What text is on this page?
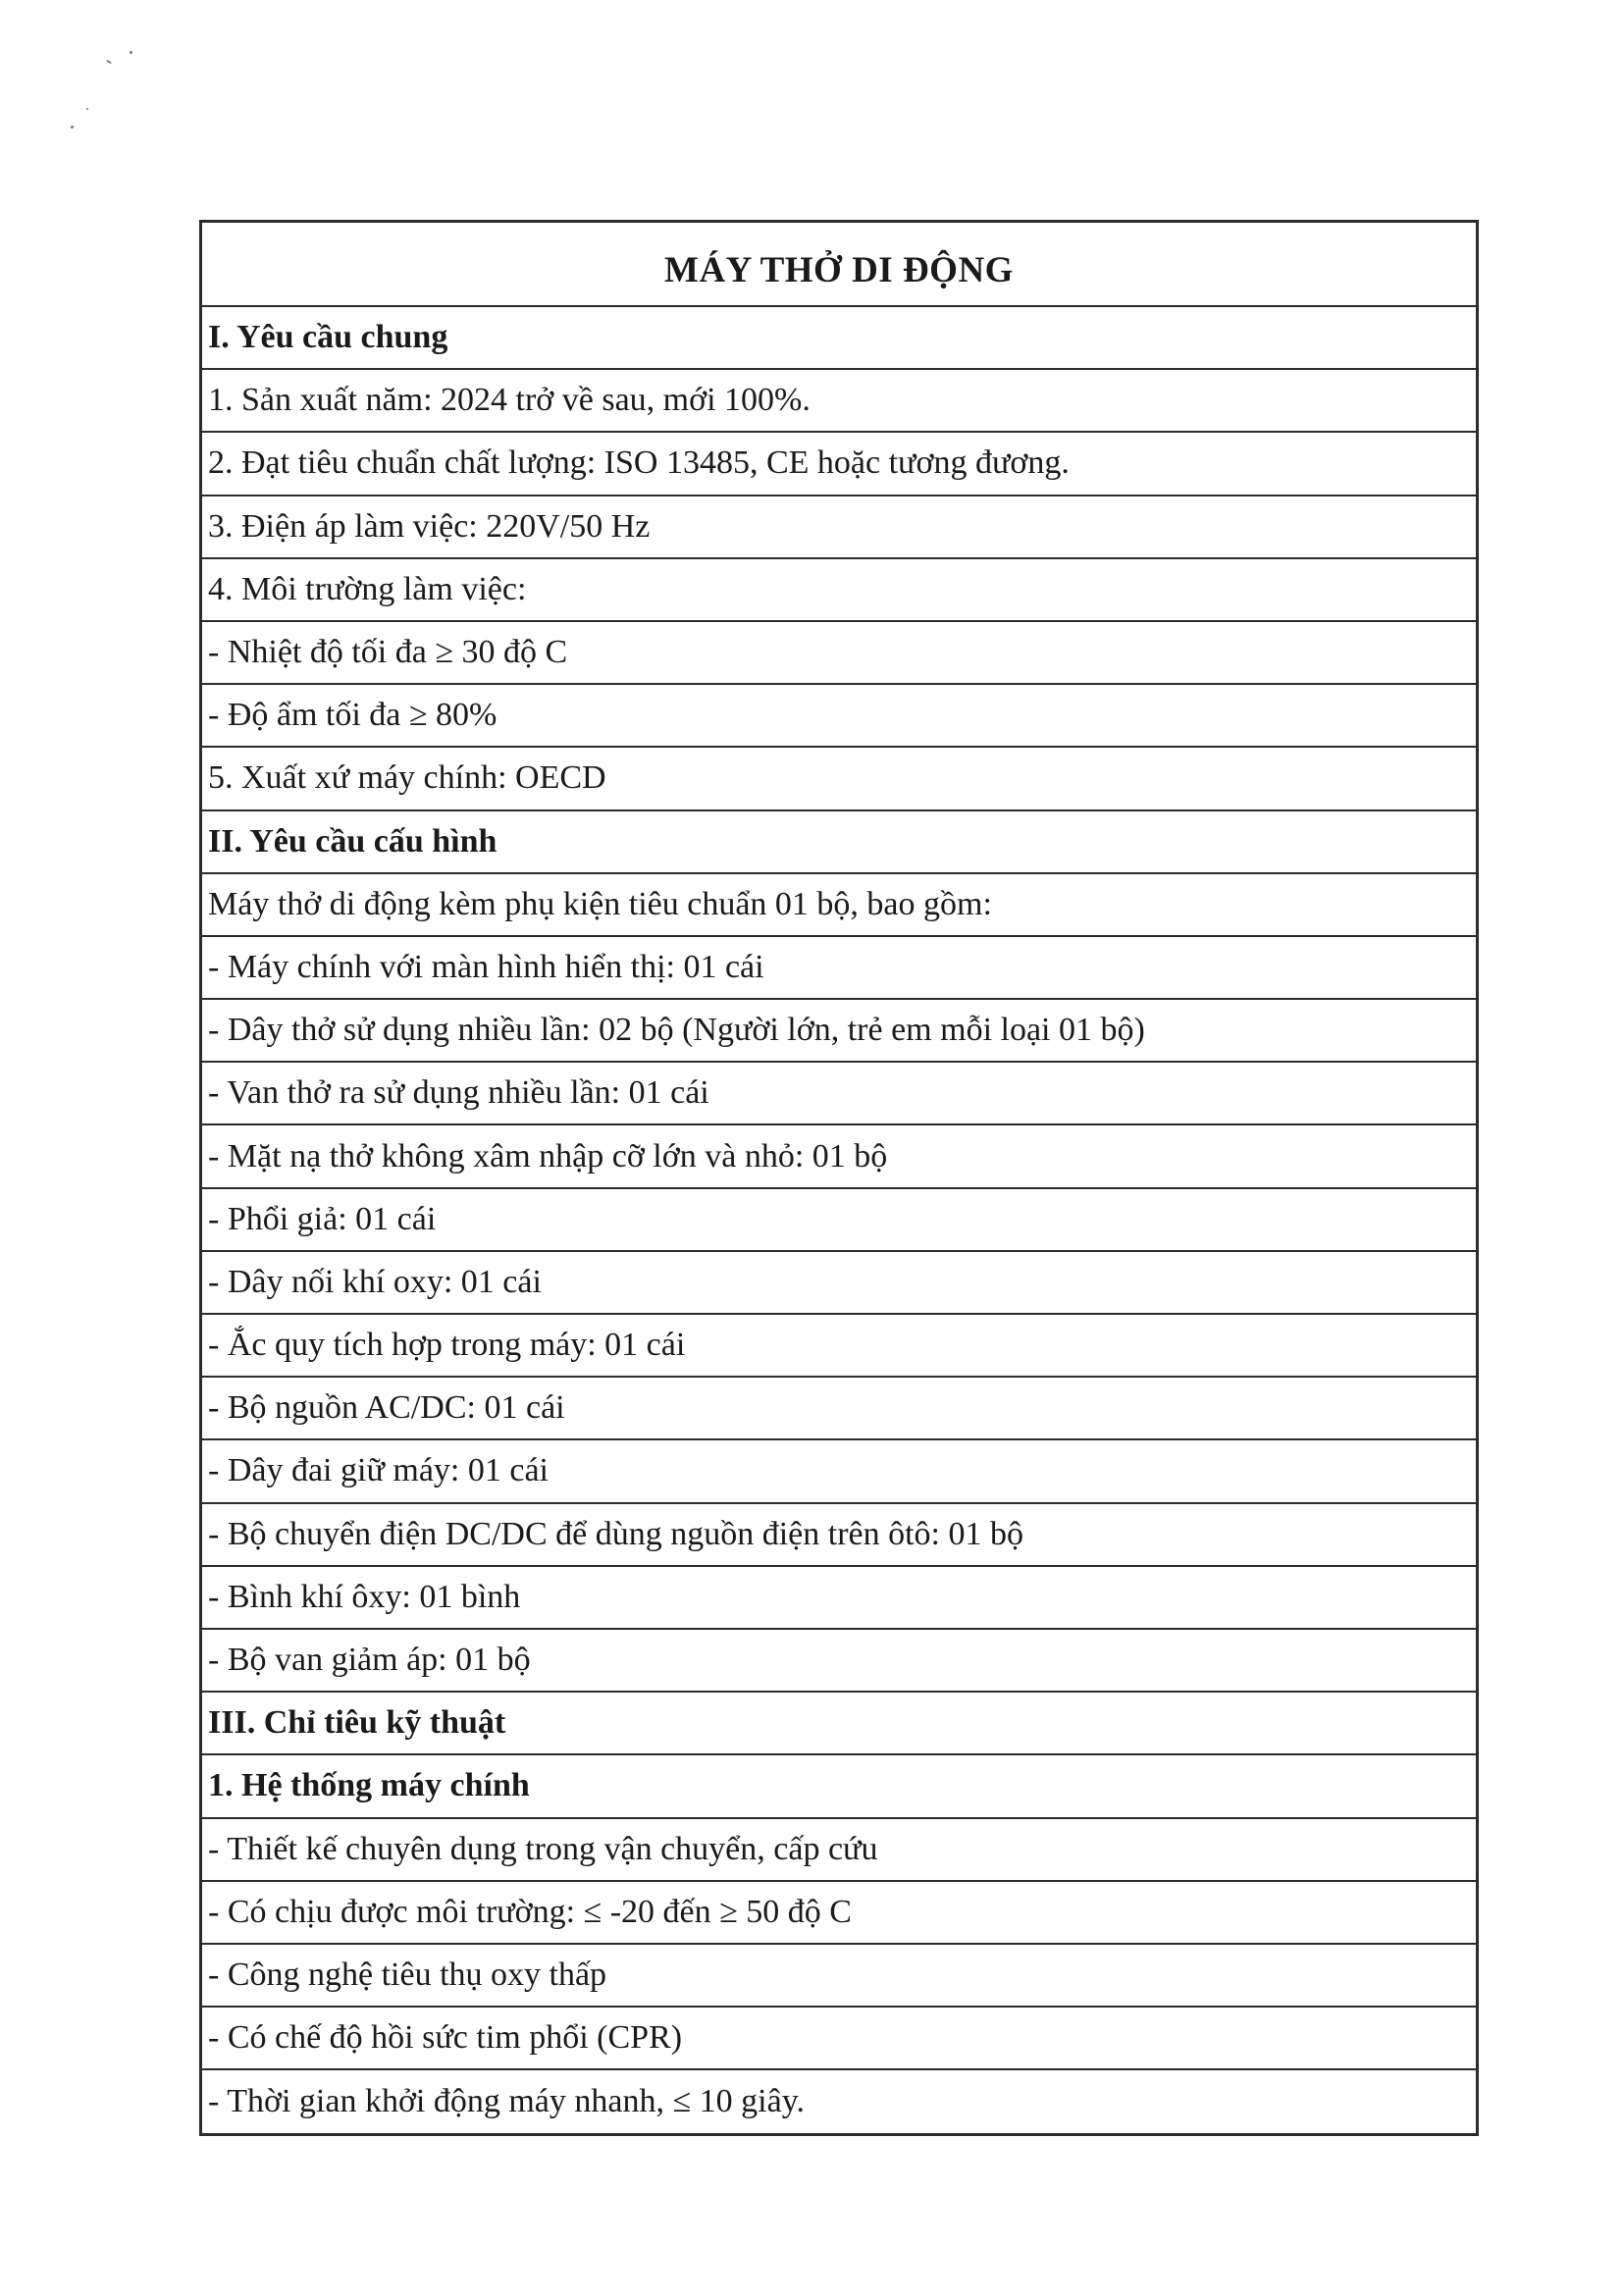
MÁY THỞ DI ĐỘNG
I. Yêu cầu chung
1. Sản xuất năm: 2024 trở về sau, mới 100%.
2. Đạt tiêu chuẩn chất lượng: ISO 13485, CE hoặc tương đương.
3. Điện áp làm việc: 220V/50 Hz
4. Môi trường làm việc:
- Nhiệt độ tối đa ≥ 30 độ C
- Độ ẩm tối đa ≥ 80%
5. Xuất xứ máy chính: OECD
II. Yêu cầu cấu hình
Máy thở di động kèm phụ kiện tiêu chuẩn 01 bộ, bao gồm:
- Máy chính với màn hình hiển thị: 01 cái
- Dây thở sử dụng nhiều lần: 02 bộ (Người lớn, trẻ em mỗi loại 01 bộ)
- Van thở ra sử dụng nhiều lần: 01 cái
- Mặt nạ thở không xâm nhập cỡ lớn và nhỏ: 01 bộ
- Phổi giả: 01 cái
- Dây nối khí oxy: 01 cái
- Ắc quy tích hợp trong máy: 01 cái
- Bộ nguồn AC/DC: 01 cái
- Dây đai giữ máy: 01 cái
- Bộ chuyển điện DC/DC để dùng nguồn điện trên ôtô: 01 bộ
- Bình khí ôxy: 01 bình
- Bộ van giảm áp: 01 bộ
III. Chỉ tiêu kỹ thuật
1. Hệ thống máy chính
- Thiết kế chuyên dụng trong vận chuyển, cấp cứu
- Có chịu được môi trường: ≤ -20 đến ≥ 50 độ C
- Công nghệ tiêu thụ oxy thấp
- Có chế độ hồi sức tim phổi (CPR)
- Thời gian khởi động máy nhanh, ≤ 10 giây.
